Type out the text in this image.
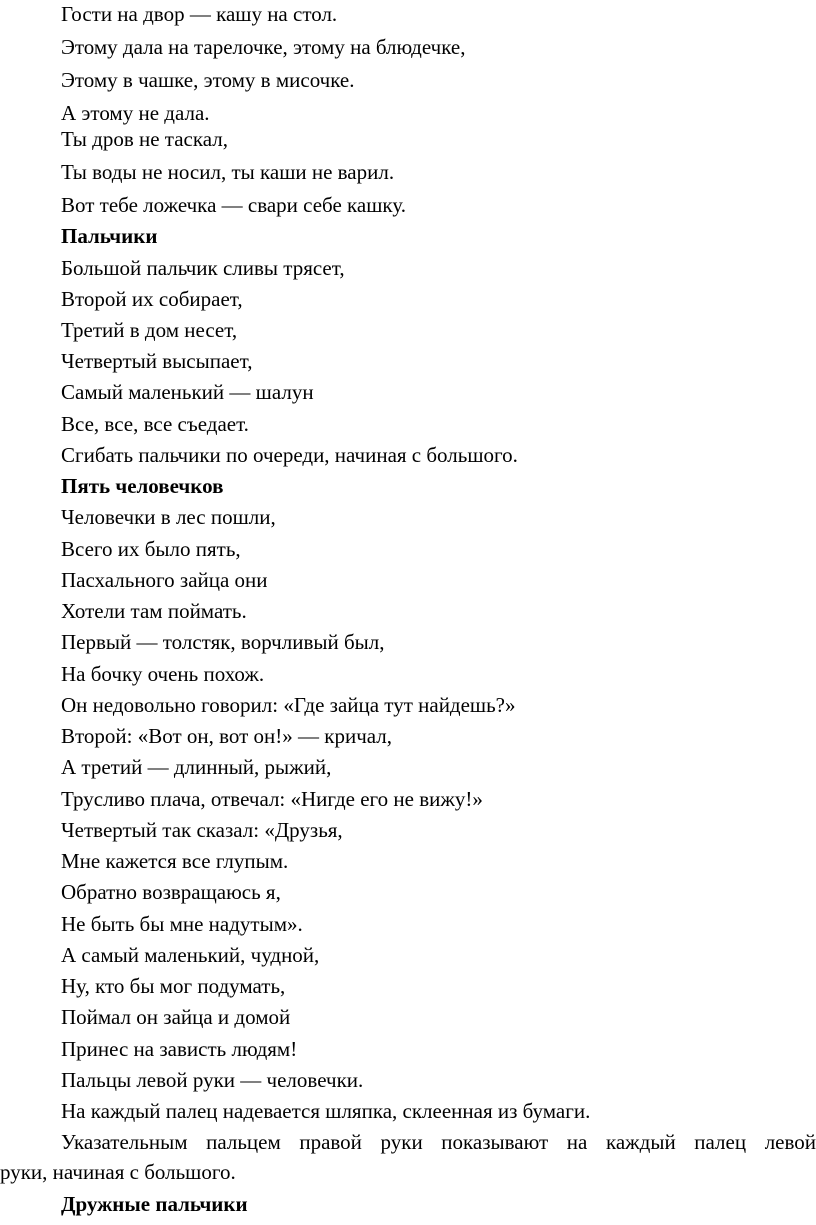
Гости на двор — кашу на стол.
Этому дала на тарелочке, этому на блюдечке,
Этому в чашке, этому в мисочке.
А этому не дала.
Ты дров не таскал,
Ты воды не носил, ты каши не варил.
Вот тебе ложечка — свари себе кашку.
Пальчики
Большой пальчик сливы трясет,
Второй их собирает,
Третий в дом несет,
Четвертый высыпает,
Самый маленький — шалун
Все, все, все съедает.
Сгибать пальчики по очереди, начиная с большого.
Пять человечков
Человечки в лес пошли,
Всего их было пять,
Пасхального зайца они
Хотели там поймать.
Первый — толстяк, ворчливый был,
На бочку очень похож.
Он недовольно говорил: «Где зайца тут найдешь?»
Второй: «Вот он, вот он!» — кричал,
А третий — длинный, рыжий,
Трусливо плача, отвечал: «Нигде его не вижу!»
Четвертый так сказал: «Друзья,
Мне кажется все глупым.
Обратно возвращаюсь я,
Не быть бы мне надутым».
А самый маленький, чудной,
Ну, кто бы мог подумать,
Поймал он зайца и домой
Принес на зависть людям!
Пальцы левой руки — человечки.
На каждый палец надевается шляпка, склеенная из бумаги.
Указательным пальцем правой руки показывают на каждый палец левой
руки, начиная с большого.
Дружные пальчики
